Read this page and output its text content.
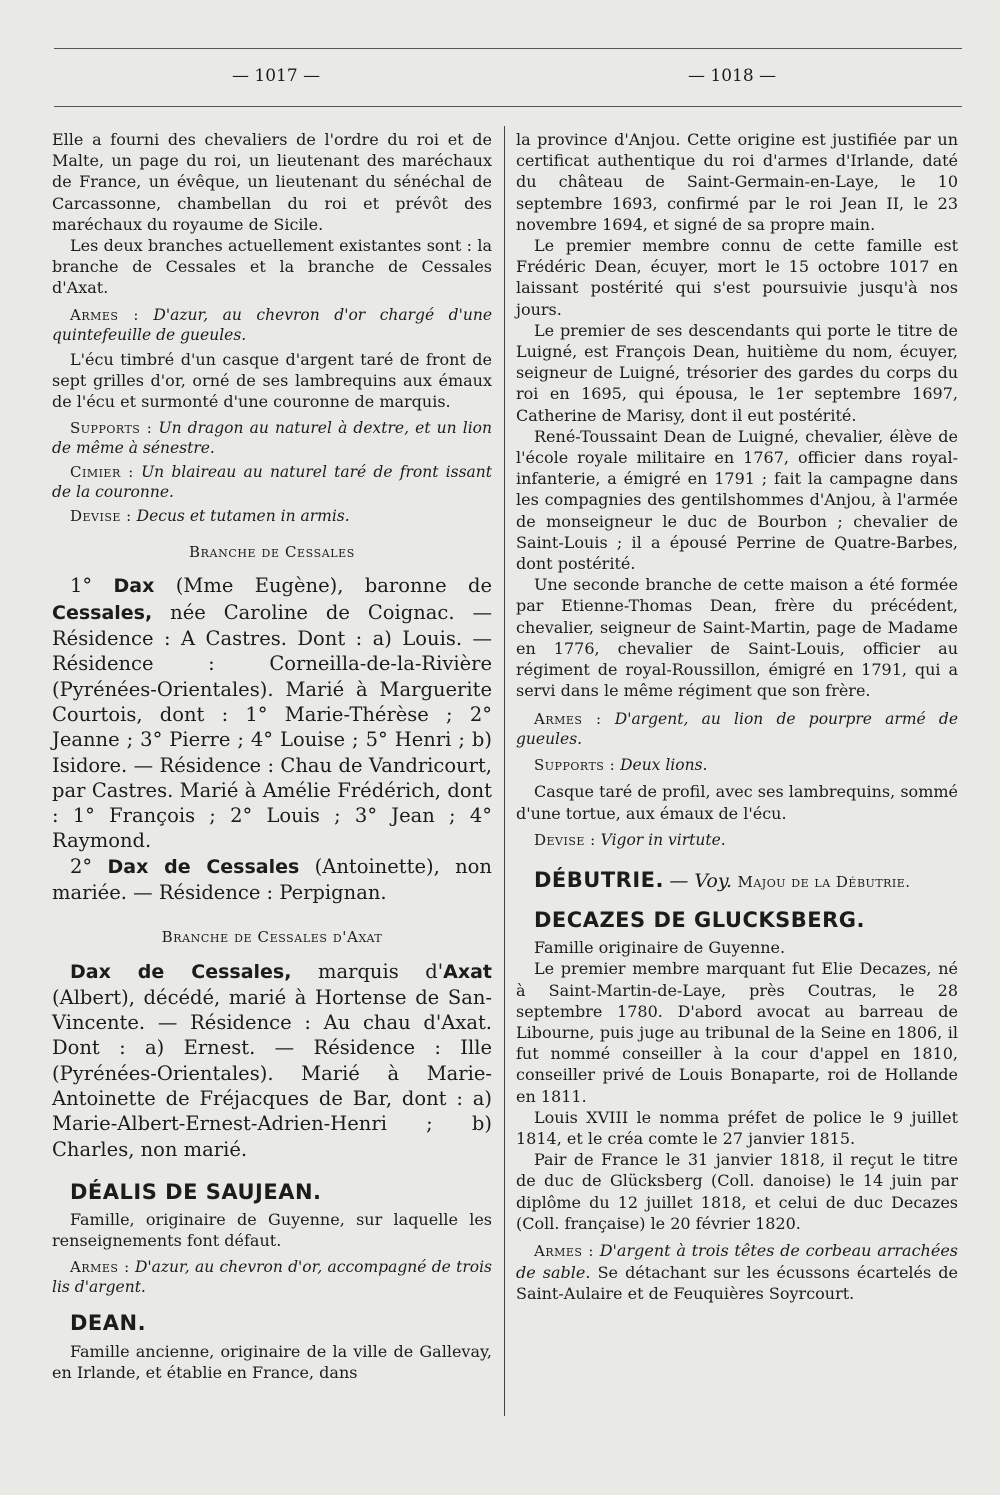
— 1017 —	— 1018 —

Elle a fourni des chevaliers de l'ordre du roi et de Malte, un page du roi, un lieutenant des maréchaux de France, un évêque, un lieutenant du sénéchal de Carcassonne, chambellan du roi et prévôt des maréchaux du royaume de Sicile.

Les deux branches actuellement existantes sont : la branche de Cessales et la branche de Cessales d'Axat.

Armes : D'azur, au chevron d'or chargé d'une quintefeuille de gueules.

L'écu timbré d'un casque d'argent taré de front de sept grilles d'or, orné de ses lambrequins aux émaux de l'écu et surmonté d'une couronne de marquis.

Supports : Un dragon au naturel à dextre, et un lion de même à sénestre.

Cimier : Un blaireau au naturel taré de front issant de la couronne.

Devise : Decus et tutamen in armis.

Branche de Cessales

1° Dax (Mme Eugène), baronne de Cessales, née Caroline de Coignac. — Résidence : A Castres. Dont : a) Louis. — Résidence : Corneilla-de-la-Rivière (Pyrénées-Orientales). Marié à Marguerite Courtois, dont : 1° Marie-Thérèse ; 2° Jeanne ; 3° Pierre ; 4° Louise ; 5° Henri ; b) Isidore. — Résidence : Chau de Vandricourt, par Castres. Marié à Amélie Frédérich, dont : 1° François ; 2° Louis ; 3° Jean ; 4° Raymond.

2° Dax de Cessales (Antoinette), non mariée. — Résidence : Perpignan.

Branche de Cessales d'Axat

Dax de Cessales, marquis d'Axat (Albert), décédé, marié à Hortense de San-Vincente. — Résidence : Au chau d'Axat. Dont : a) Ernest. — Résidence : Ille (Pyrénées-Orientales). Marié à Marie-Antoinette de Fréjacques de Bar, dont : a) Marie-Albert-Ernest-Adrien-Henri ; b) Charles, non marié.

DÉALIS DE SAUJEAN.

Famille, originaire de Guyenne, sur laquelle les renseignements font défaut.

Armes : D'azur, au chevron d'or, accompagné de trois lis d'argent.

DEAN.

Famille ancienne, originaire de la ville de Gallevay, en Irlande, et établie en France, dans

la province d'Anjou. Cette origine est justifiée par un certificat authentique du roi d'armes d'Irlande, daté du château de Saint-Germain-en-Laye, le 10 septembre 1693, confirmé par le roi Jean II, le 23 novembre 1694, et signé de sa propre main.

Le premier membre connu de cette famille est Frédéric Dean, écuyer, mort le 15 octobre 1017 en laissant postérité qui s'est poursuivie jusqu'à nos jours.

Le premier de ses descendants qui porte le titre de Luigné, est François Dean, huitième du nom, écuyer, seigneur de Luigné, trésorier des gardes du corps du roi en 1695, qui épousa, le 1er septembre 1697, Catherine de Marisy, dont il eut postérité.

René-Toussaint Dean de Luigné, chevalier, élève de l'école royale militaire en 1767, officier dans royal-infanterie, a émigré en 1791 ; fait la campagne dans les compagnies des gentilshommes d'Anjou, à l'armée de monseigneur le duc de Bourbon ; chevalier de Saint-Louis ; il a épousé Perrine de Quatre-Barbes, dont postérité.

Une seconde branche de cette maison a été formée par Etienne-Thomas Dean, frère du précédent, chevalier, seigneur de Saint-Martin, page de Madame en 1776, chevalier de Saint-Louis, officier au régiment de royal-Roussillon, émigré en 1791, qui a servi dans le même régiment que son frère.

Armes : D'argent, au lion de pourpre armé de gueules.

Supports : Deux lions.

Casque taré de profil, avec ses lambrequins, sommé d'une tortue, aux émaux de l'écu.

Devise : Vigor in virtute.

DÉBUTRIE. — Voy. Majou de la Débutrie.
DECAZES DE GLUCKSBERG.

Famille originaire de Guyenne.

Le premier membre marquant fut Elie Decazes, né à Saint-Martin-de-Laye, près Coutras, le 28 septembre 1780. D'abord avocat au barreau de Libourne, puis juge au tribunal de la Seine en 1806, il fut nommé conseiller à la cour d'appel en 1810, conseiller privé de Louis Bonaparte, roi de Hollande en 1811.

Louis XVIII le nomma préfet de police le 9 juillet 1814, et le créa comte le 27 janvier 1815.

Pair de France le 31 janvier 1818, il reçut le titre de duc de Glücksberg (Coll. danoise) le 14 juin par diplôme du 12 juillet 1818, et celui de duc Decazes (Coll. française) le 20 février 1820.

Armes : D'argent à trois têtes de corbeau arrachées de sable. Se détachant sur les écussons écartelés de Saint-Aulaire et de Feuquières Soyrcourt.
